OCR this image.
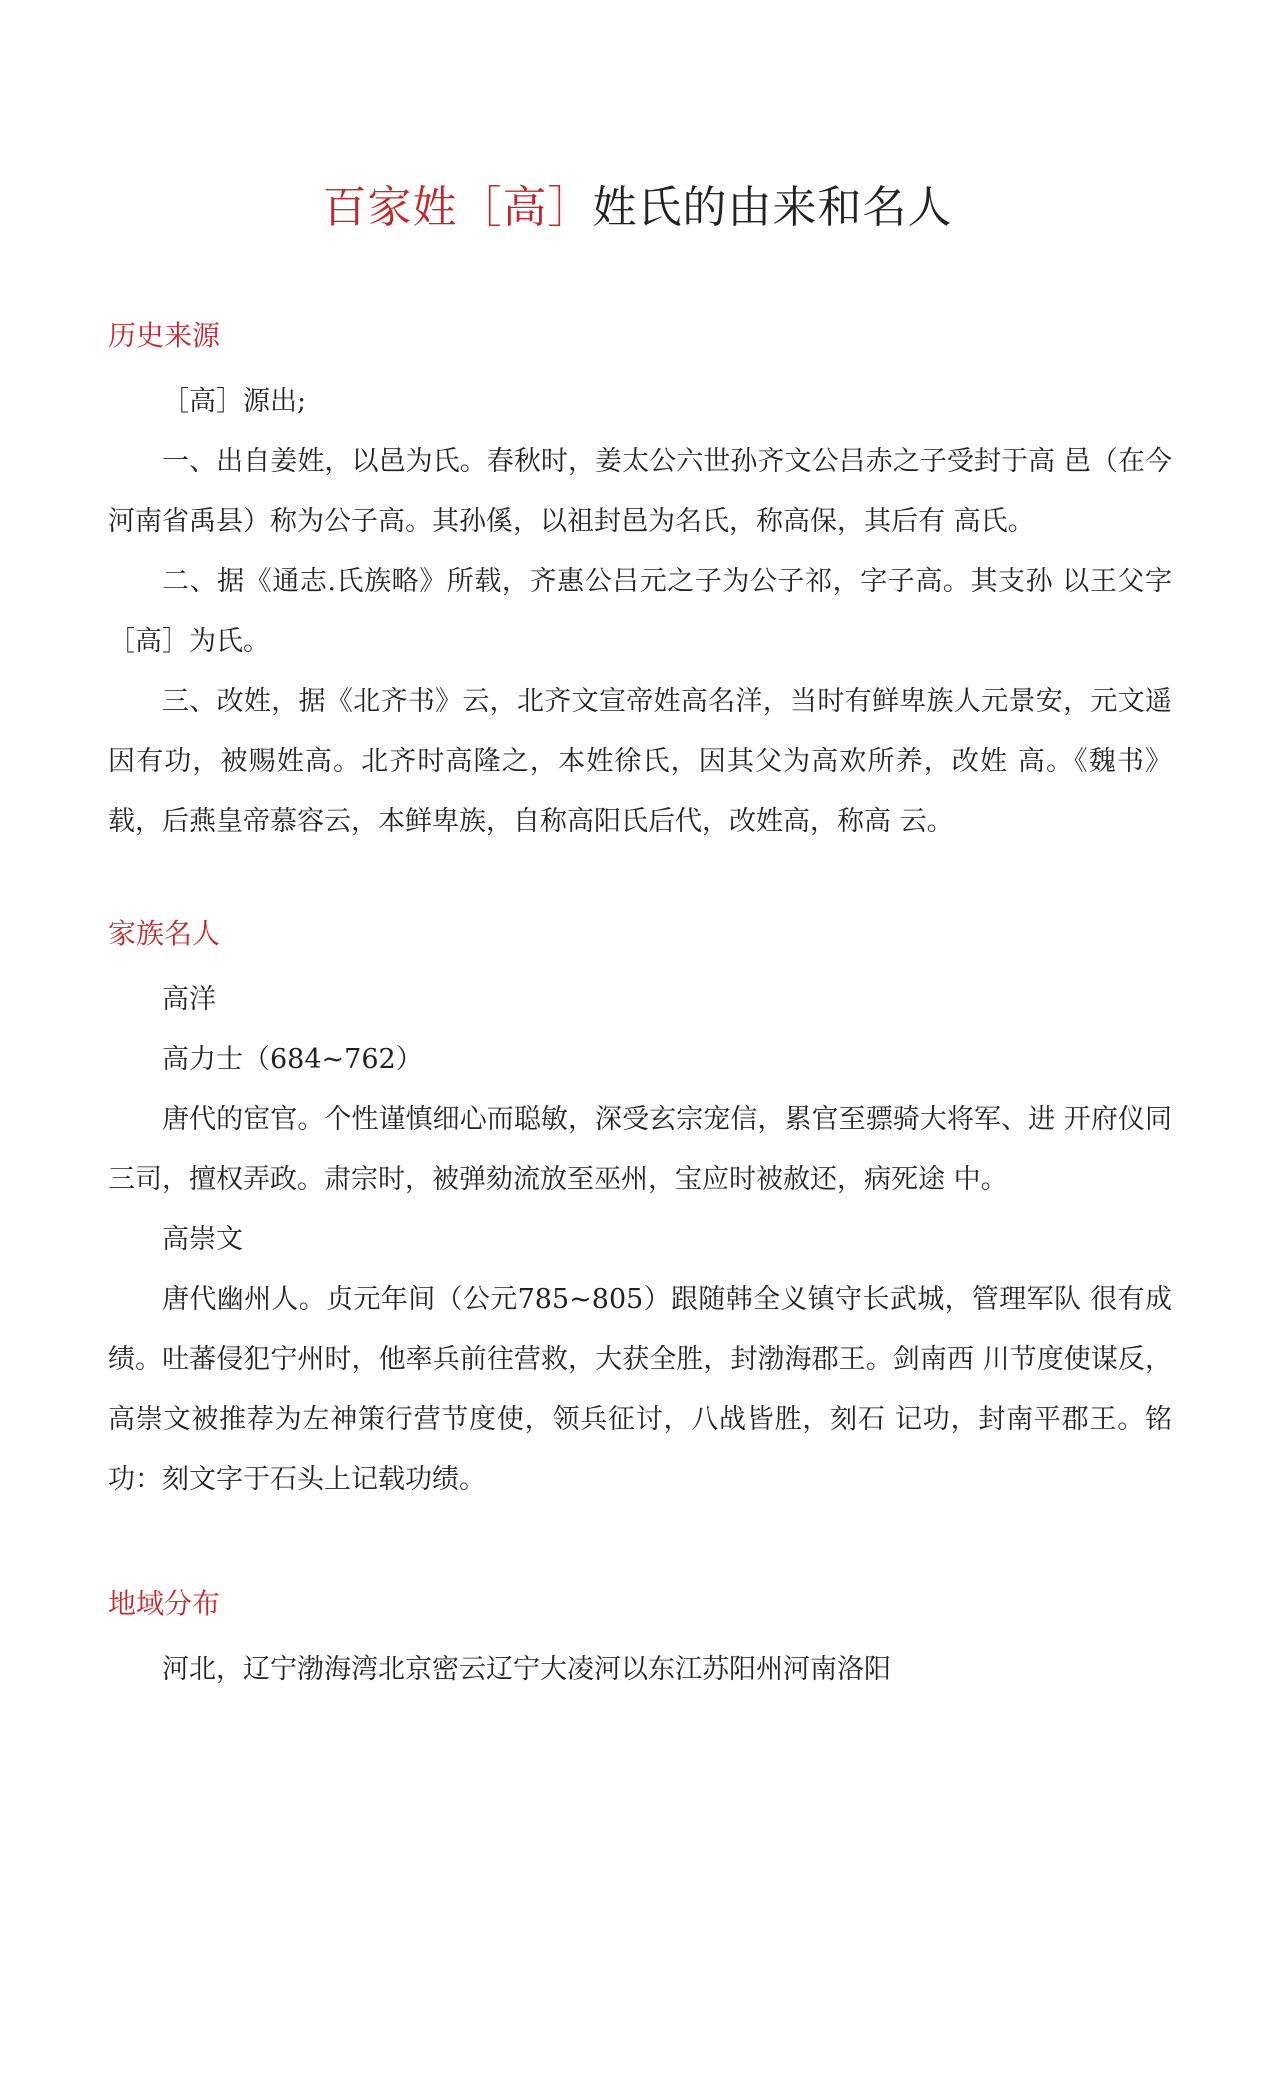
百家姓［高］姓氏的由来和名人
历史来源

［高］源出;

一、出自姜姓，以邑为氏。春秋时，姜太公六世孙齐文公吕赤之子受封于高 邑（在今河南省禹县）称为公子高。其孙傒，以祖封邑为名氏，称高保，其后有 高氏。

二、据《通志.氏族略》所载，齐惠公吕元之子为公子祁，字子高。其支孙 以王父字［高］为氏。

三、改姓，据《北齐书》云，北齐文宣帝姓高名洋，当时有鲜卑族人元景安，元文遥因有功，被赐姓高。北齐时高隆之，本姓徐氏，因其父为高欢所养，改姓 高。《魏书》载，后燕皇帝慕容云，本鲜卑族，自称高阳氏后代，改姓高，称高 云。

家族名人

高洋

高力士（684~762）

唐代的宦官。个性谨慎细心而聪敏，深受玄宗宠信，累官至骠骑大将军、进 开府仪同三司，擅权弄政。肃宗时，被弹劾流放至巫州，宝应时被赦还，病死途 中。

高崇文

唐代幽州人。贞元年间（公元785~805）跟随韩全义镇守长武城，管理军队 很有成绩。吐蕃侵犯宁州时，他率兵前往营救，大获全胜，封渤海郡王。剑南西 川节度使谋反，高崇文被推荐为左神策行营节度使，领兵征讨，八战皆胜，刻石 记功，封南平郡王。铭功：刻文字于石头上记载功绩。

地域分布

河北，辽宁渤海湾北京密云辽宁大凌河以东江苏阳州河南洛阳
